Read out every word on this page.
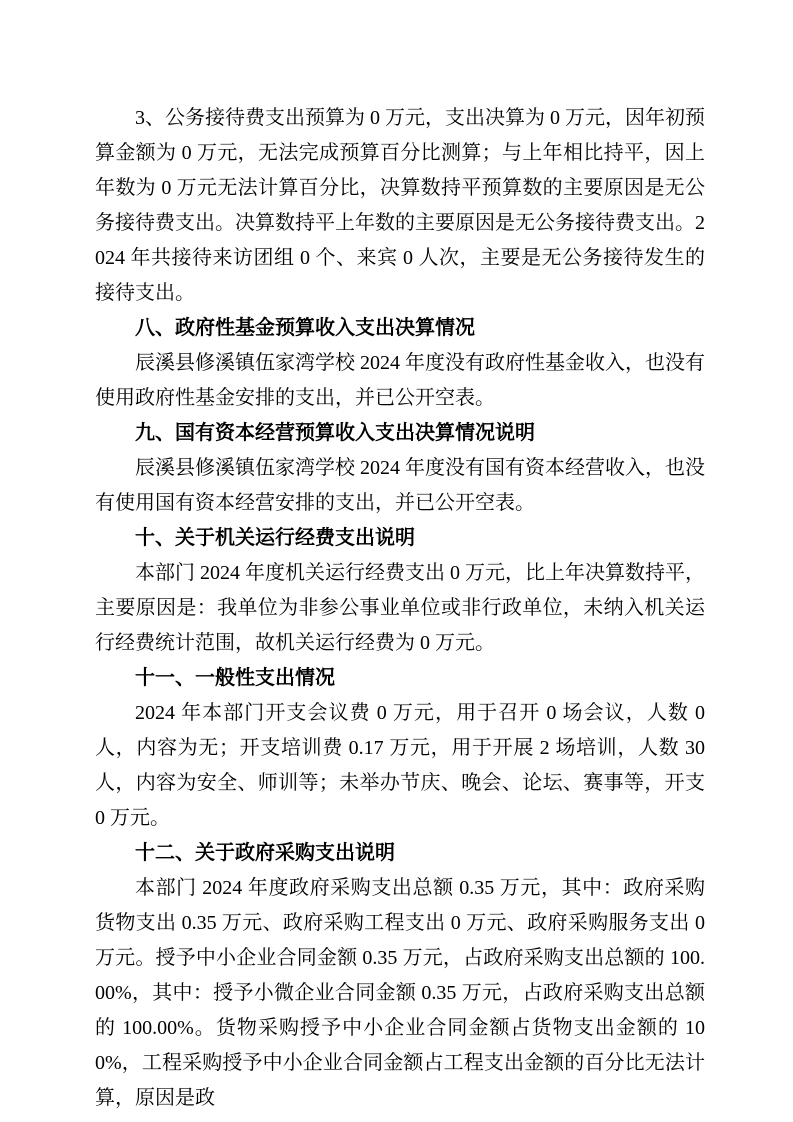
3、公务接待费支出预算为 0 万元，支出决算为 0 万元，因年初预算金额为 0 万元，无法完成预算百分比测算；与上年相比持平，因上年数为 0 万元无法计算百分比，决算数持平预算数的主要原因是无公务接待费支出。决算数持平上年数的主要原因是无公务接待费支出。2024 年共接待来访团组 0 个、来宾 0 人次，主要是无公务接待发生的接待支出。

八、政府性基金预算收入支出决算情况

辰溪县修溪镇伍家湾学校 2024 年度没有政府性基金收入，也没有使用政府性基金安排的支出，并已公开空表。

九、国有资本经营预算收入支出决算情况说明

辰溪县修溪镇伍家湾学校 2024 年度没有国有资本经营收入，也没有使用国有资本经营安排的支出，并已公开空表。

十、关于机关运行经费支出说明

本部门 2024 年度机关运行经费支出 0 万元，比上年决算数持平，主要原因是：我单位为非参公事业单位或非行政单位，未纳入机关运行经费统计范围，故机关运行经费为 0 万元。

十一、一般性支出情况

2024 年本部门开支会议费 0 万元，用于召开 0 场会议，人数 0 人，内容为无；开支培训费 0.17 万元，用于开展 2 场培训，人数 30 人，内容为安全、师训等；未举办节庆、晚会、论坛、赛事等，开支 0 万元。

十二、关于政府采购支出说明

本部门 2024 年度政府采购支出总额 0.35 万元，其中：政府采购货物支出 0.35 万元、政府采购工程支出 0 万元、政府采购服务支出 0 万元。授予中小企业合同金额 0.35 万元，占政府采购支出总额的 100.00%，其中：授予小微企业合同金额 0.35 万元，占政府采购支出总额的 100.00%。货物采购授予中小企业合同金额占货物支出金额的 100%，工程采购授予中小企业合同金额占工程支出金额的百分比无法计算，原因是政
